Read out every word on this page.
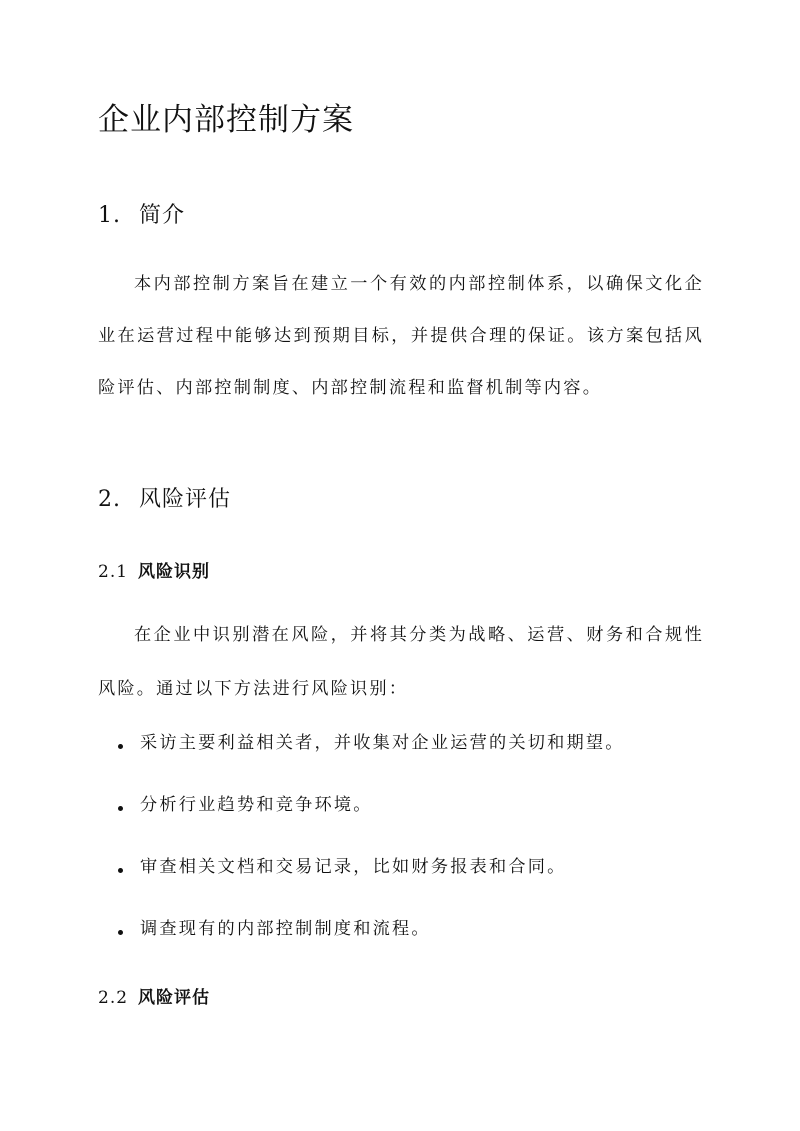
企业内部控制方案
1. 简介

本内部控制方案旨在建立一个有效的内部控制体系，以确保文化企业在运营过程中能够达到预期目标，并提供合理的保证。该方案包括风险评估、内部控制制度、内部控制流程和监督机制等内容。

2. 风险评估
2.1 风险识别

在企业中识别潜在风险，并将其分类为战略、运营、财务和合规性风险。通过以下方法进行风险识别：

采访主要利益相关者，并收集对企业运营的关切和期望。
分析行业趋势和竞争环境。
审查相关文档和交易记录，比如财务报表和合同。
调查现有的内部控制制度和流程。
2.2 风险评估
